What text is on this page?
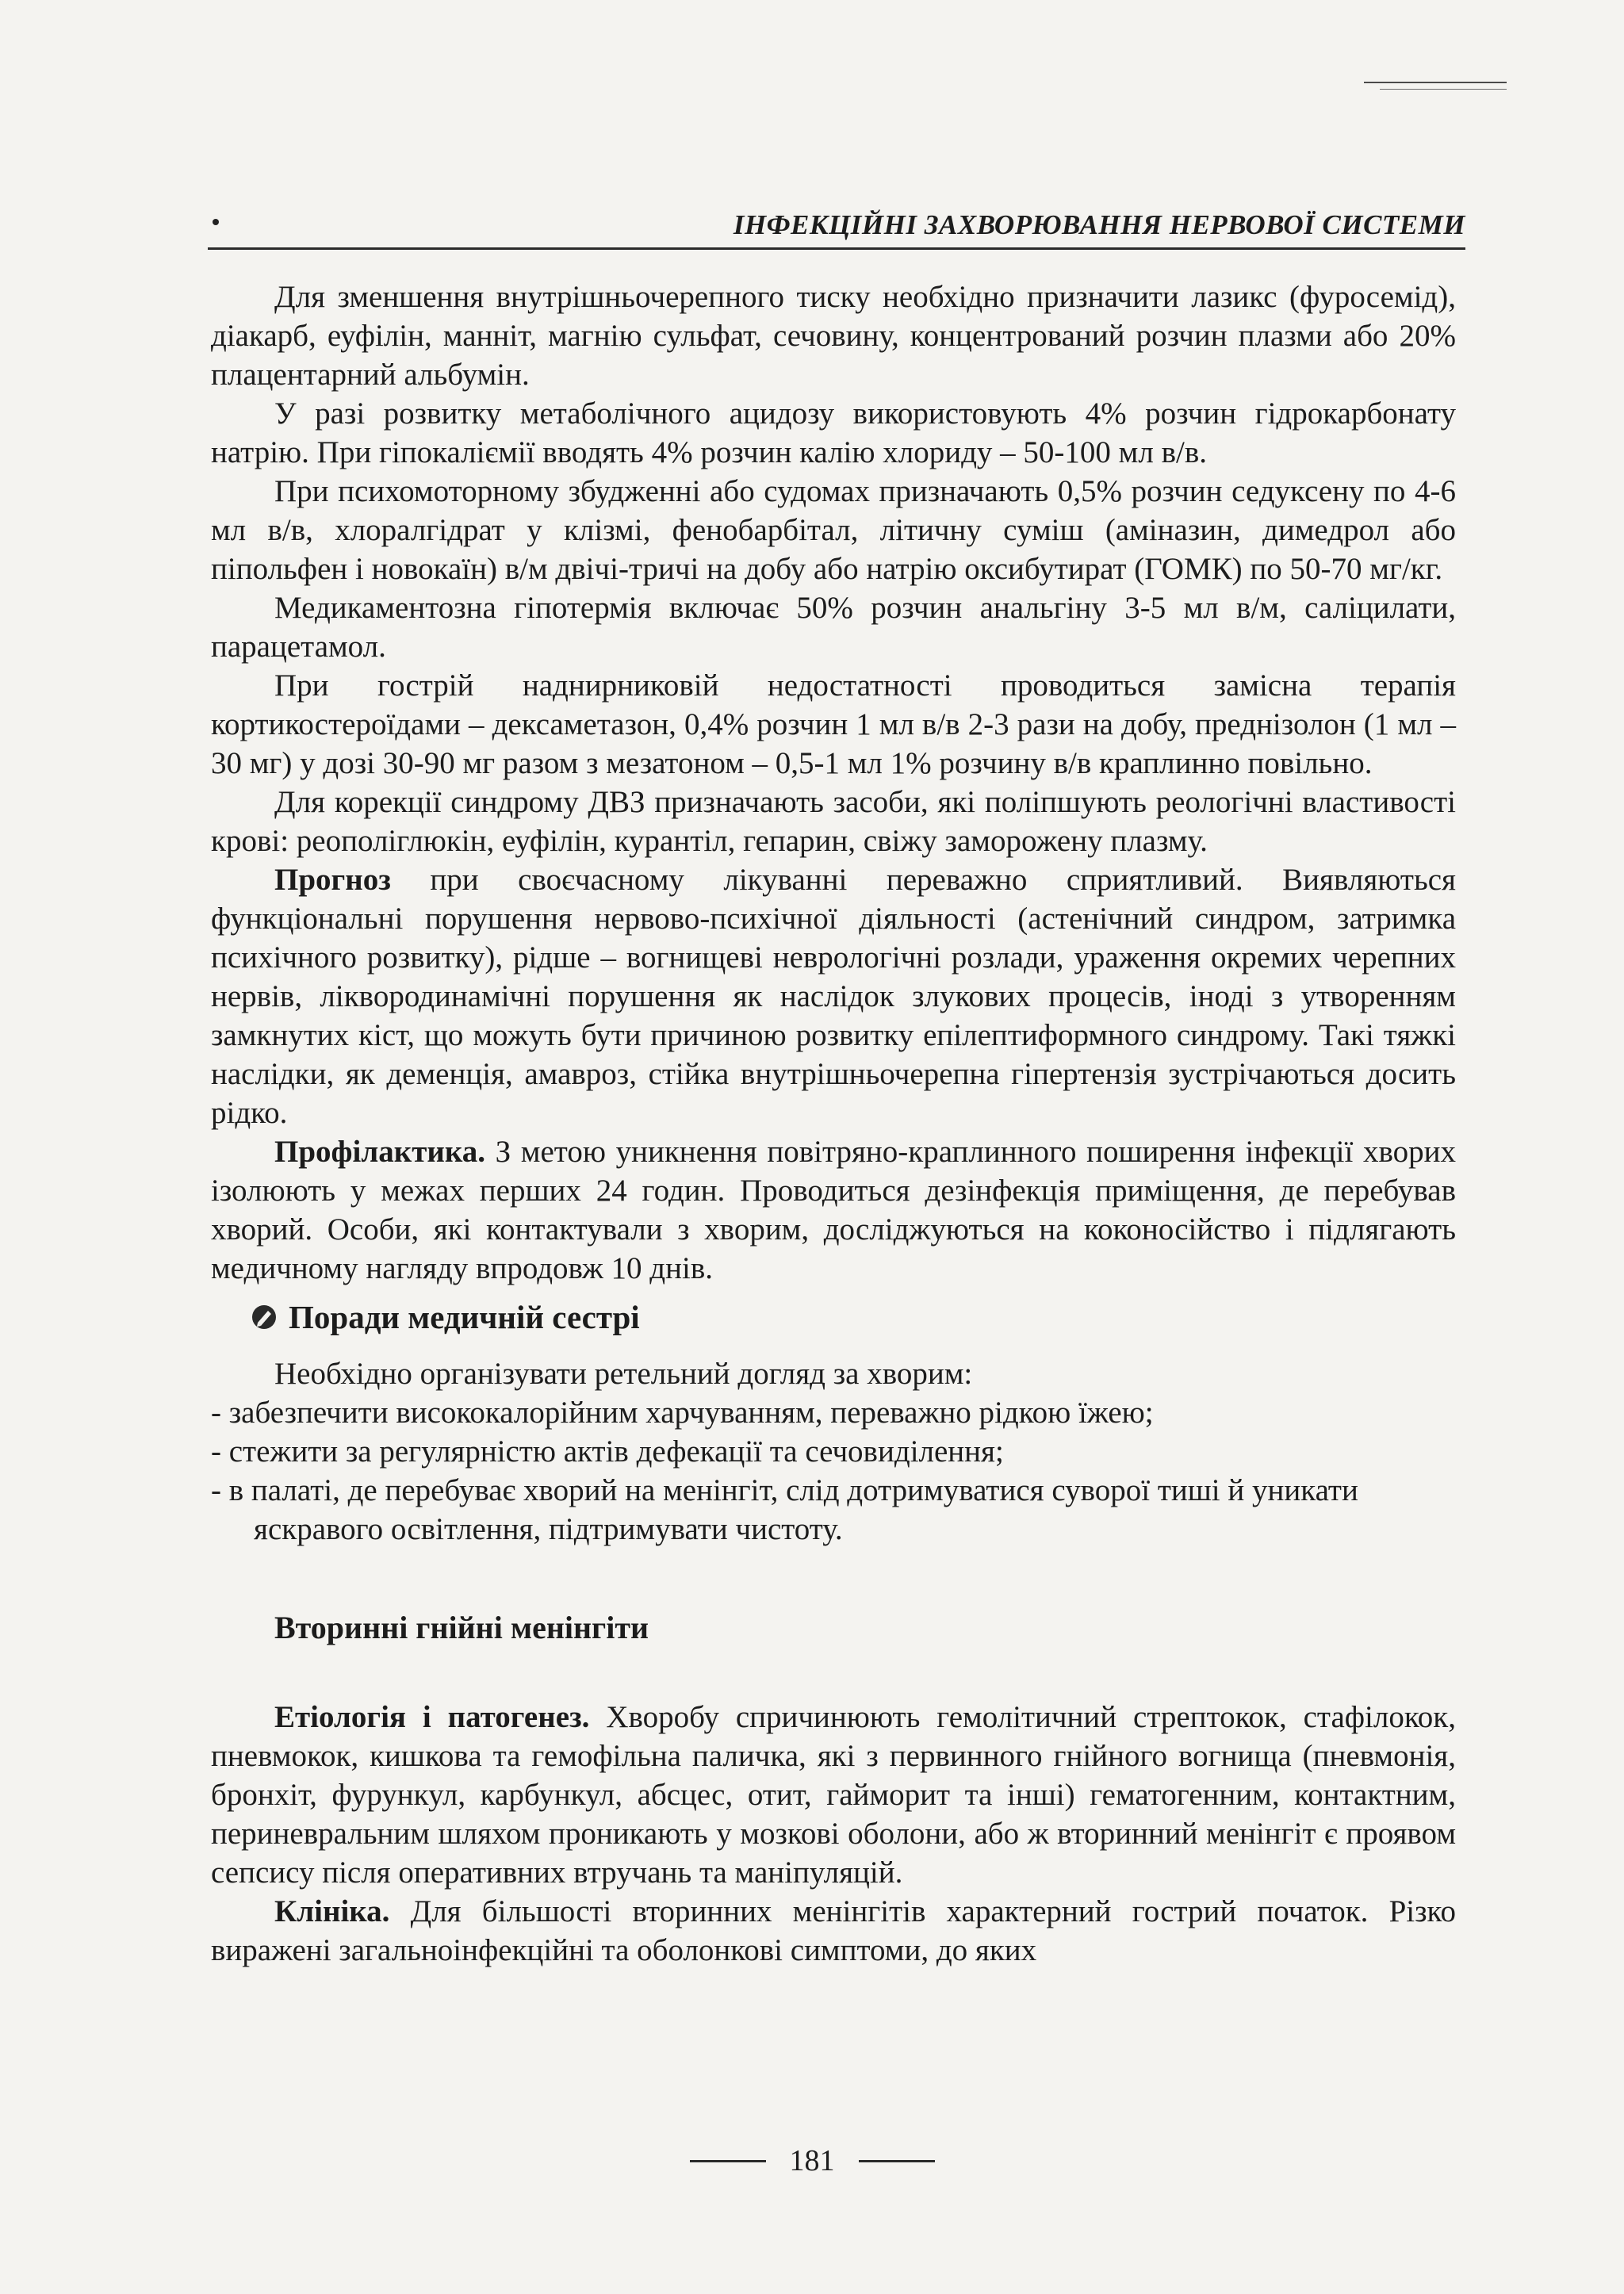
ІНФЕКЦІЙНІ ЗАХВОРЮВАННЯ НЕРВОВОЇ СИСТЕМИ

Для зменшення внутрішньочерепного тиску необхідно призначити лазикс (фуросемід), діакарб, еуфілін, манніт, магнію сульфат, сечовину, концентрований розчин плазми або 20% плацентарний альбумін.

У разі розвитку метаболічного ацидозу використовують 4% розчин гідрокарбонату натрію. При гіпокаліємії вводять 4% розчин калію хлориду – 50-100 мл в/в.

При психомоторному збудженні або судомах призначають 0,5% розчин седуксену по 4-6 мл в/в, хлоралгідрат у клізмі, фенобарбітал, літичну суміш (аміназин, димедрол або піпольфен і новокаїн) в/м двічі-тричі на добу або натрію оксибутират (ГОМК) по 50-70 мг/кг.

Медикаментозна гіпотермія включає 50% розчин анальгіну 3-5 мл в/м, саліцилати, парацетамол.

При гострій наднирниковій недостатності проводиться замісна терапія кортикостероїдами – дексаметазон, 0,4% розчин 1 мл в/в 2-3 рази на добу, преднізолон (1 мл – 30 мг) у дозі 30-90 мг разом з мезатоном – 0,5-1 мл 1% розчину в/в краплинно повільно.

Для корекції синдрому ДВЗ призначають засоби, які поліпшують реологічні властивості крові: реополіглюкін, еуфілін, курантіл, гепарин, свіжу заморожену плазму.

Прогноз при своєчасному лікуванні переважно сприятливий. Виявляються функціональні порушення нервово-психічної діяльності (астенічний синдром, затримка психічного розвитку), рідше – вогнищеві неврологічні розлади, ураження окремих черепних нервів, ліквородинамічні порушення як наслідок злукових процесів, іноді з утворенням замкнутих кіст, що можуть бути причиною розвитку епілептиформного синдрому. Такі тяжкі наслідки, як деменція, амавроз, стійка внутрішньочерепна гіпертензія зустрічаються досить рідко.

Профілактика. З метою уникнення повітряно-краплинного поширення інфекції хворих ізолюють у межах перших 24 годин. Проводиться дезінфекція приміщення, де перебував хворий. Особи, які контактували з хворим, досліджуються на коконосійство і підлягають медичному нагляду впродовж 10 днів.

Поради медичній сестрі

Необхідно організувати ретельний догляд за хворим:

- забезпечити висококалорійним харчуванням, переважно рідкою їжею;
- стежити за регулярністю актів дефекації та сечовиділення;
- в палаті, де перебуває хворий на менінгіт, слід дотримуватися суворої тиші й уникати яскравого освітлення, підтримувати чистоту.
Вторинні гнійні менінгіти

Етіологія і патогенез. Хворобу спричинюють гемолітичний стрептокок, стафілокок, пневмокок, кишкова та гемофільна паличка, які з первинного гнійного вогнища (пневмонія, бронхіт, фурункул, карбункул, абсцес, отит, гайморит та інші) гематогенним, контактним, периневральним шляхом проникають у мозкові оболони, або ж вторинний менінгіт є проявом сепсису після оперативних втручань та маніпуляцій.

Клініка. Для більшості вторинних менінгітів характерний гострий початок. Різко виражені загальноінфекційні та оболонкові симптоми, до яких

181
